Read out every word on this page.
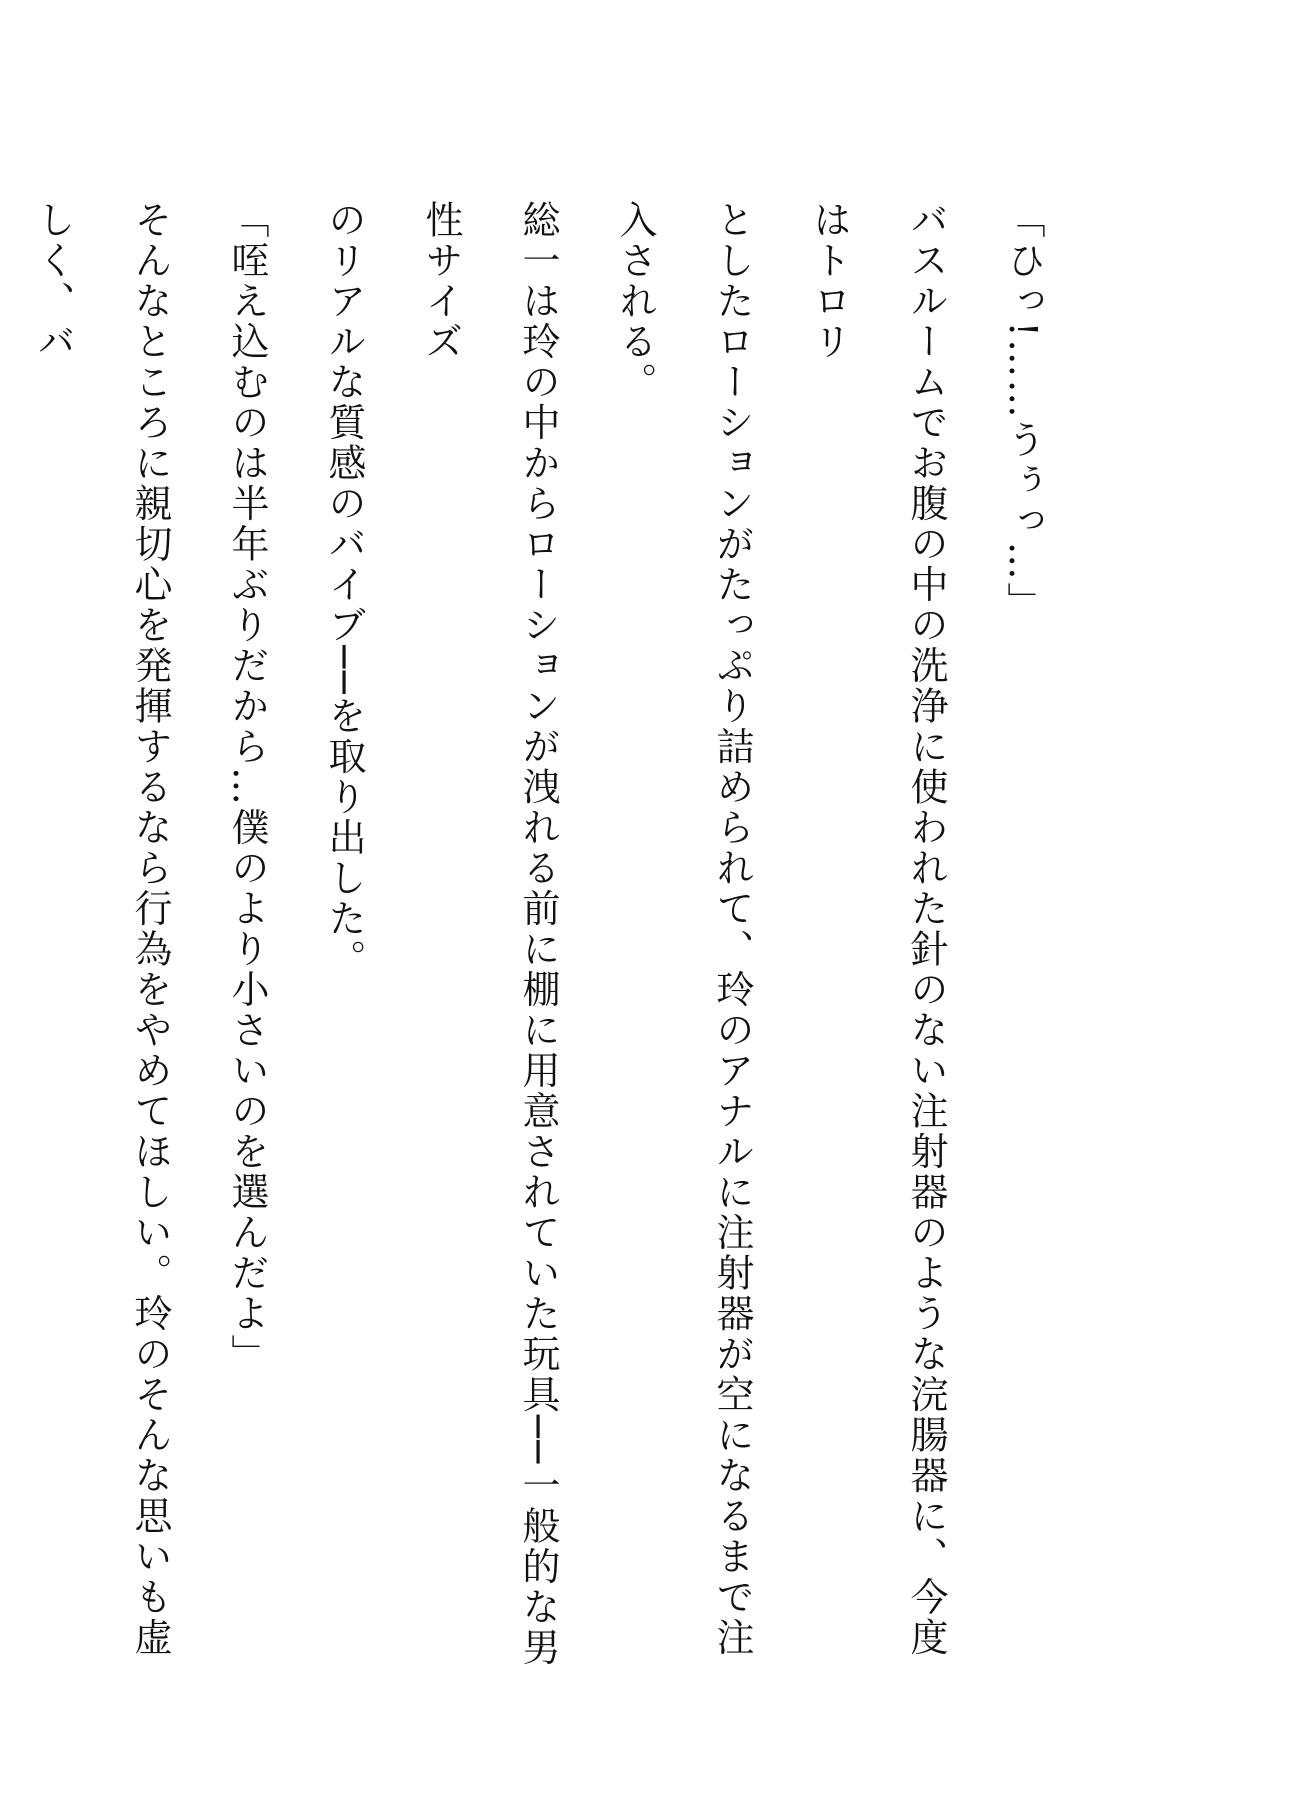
「ひっ!……うぅっ…」

バスルームでお腹の中の洗浄に使われた針のない注射器のような浣腸器に、今度はトロリ

としたローションがたっぷり詰められて、玲のアナルに注射器が空になるまで注入される。

総一は玲の中からローションが洩れる前に棚に用意されていた玩具──一般的な男性サイズ

のリアルな質感のバイブ──を取り出した。

「咥え込むのは半年ぶりだから…僕のより小さいのを選んだよ」

そんなところに親切心を発揮するなら行為をやめてほしい。玲のそんな思いも虚しく、バ
